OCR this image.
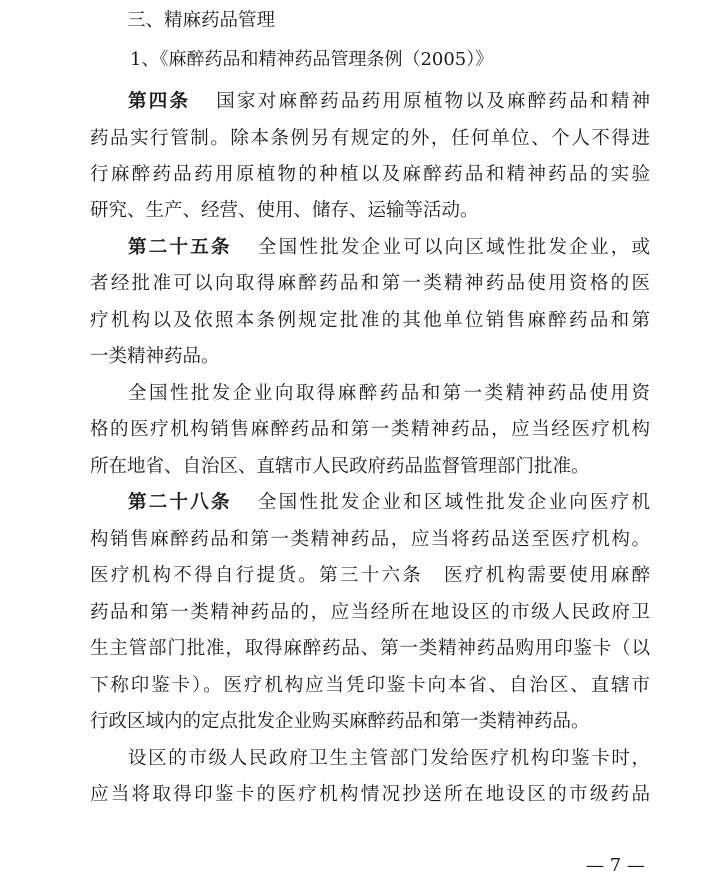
三、精麻药品管理
1、《麻醉药品和精神药品管理条例（2005）》
第四条 国家对麻醉药品药用原植物以及麻醉药品和精神
药品实行管制。除本条例另有规定的外，任何单位、个人不得进
行麻醉药品药用原植物的种植以及麻醉药品和精神药品的实验
研究、生产、经营、使用、储存、运输等活动。
第二十五条 全国性批发企业可以向区域性批发企业，或
者经批准可以向取得麻醉药品和第一类精神药品使用资格的医
疗机构以及依照本条例规定批准的其他单位销售麻醉药品和第
一类精神药品。
全国性批发企业向取得麻醉药品和第一类精神药品使用资
格的医疗机构销售麻醉药品和第一类精神药品，应当经医疗机构
所在地省、自治区、直辖市人民政府药品监督管理部门批准。
第二十八条 全国性批发企业和区域性批发企业向医疗机
构销售麻醉药品和第一类精神药品，应当将药品送至医疗机构。
医疗机构不得自行提货。第三十六条　医疗机构需要使用麻醉
药品和第一类精神药品的，应当经所在地设区的市级人民政府卫
生主管部门批准，取得麻醉药品、第一类精神药品购用印鉴卡（以
下称印鉴卡）。医疗机构应当凭印鉴卡向本省、自治区、直辖市
行政区域内的定点批发企业购买麻醉药品和第一类精神药品。
设区的市级人民政府卫生主管部门发给医疗机构印鉴卡时，
应当将取得印鉴卡的医疗机构情况抄送所在地设区的市级药品
— 7 —
